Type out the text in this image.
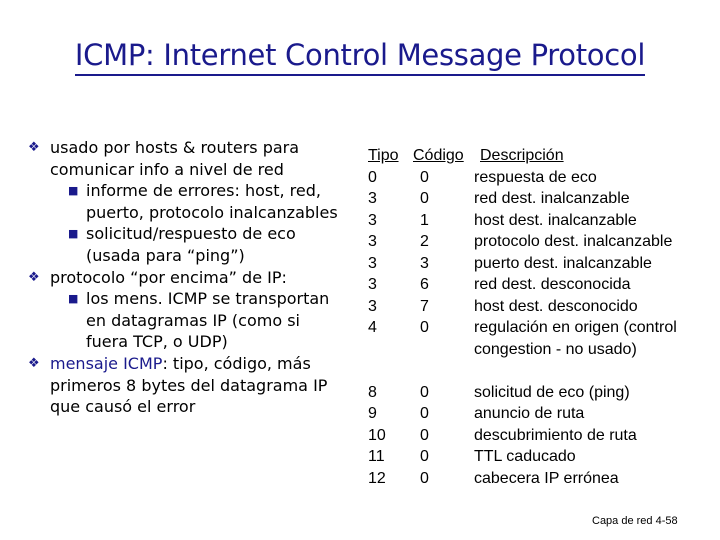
ICMP: Internet Control Message Protocol
❖ usado por hosts & routers para
comunicar info a nivel de red
■ informe de errores: host, red,
puerto, protocolo inalcanzables
■ solicitud/respuesto de eco
(usada para “ping”)
❖ protocolo “por encima” de IP:
■ los mens. ICMP se transportan
en datagramas IP (como si
fuera TCP, o UDP)
❖ mensaje ICMP: tipo, código, más
primeros 8 bytes del datagrama IP
que causó el error
Tipo Código Descripción
0	0	respuesta de eco
3	0	red dest. inalcanzable
3	1	host dest. inalcanzable
3	2	protocolo dest. inalcanzable
3	3	puerto dest. inalcanzable
3	6	red dest. desconocida
3	7	host dest. desconocido
4	0	regulación en origen (control
congestion - no usado)
8	0	solicitud de eco (ping)
9	0	anuncio de ruta
10 0	descubrimiento de ruta
11 0	TTL caducado
12 0	cabecera IP errónea
Capa de red 4-58
